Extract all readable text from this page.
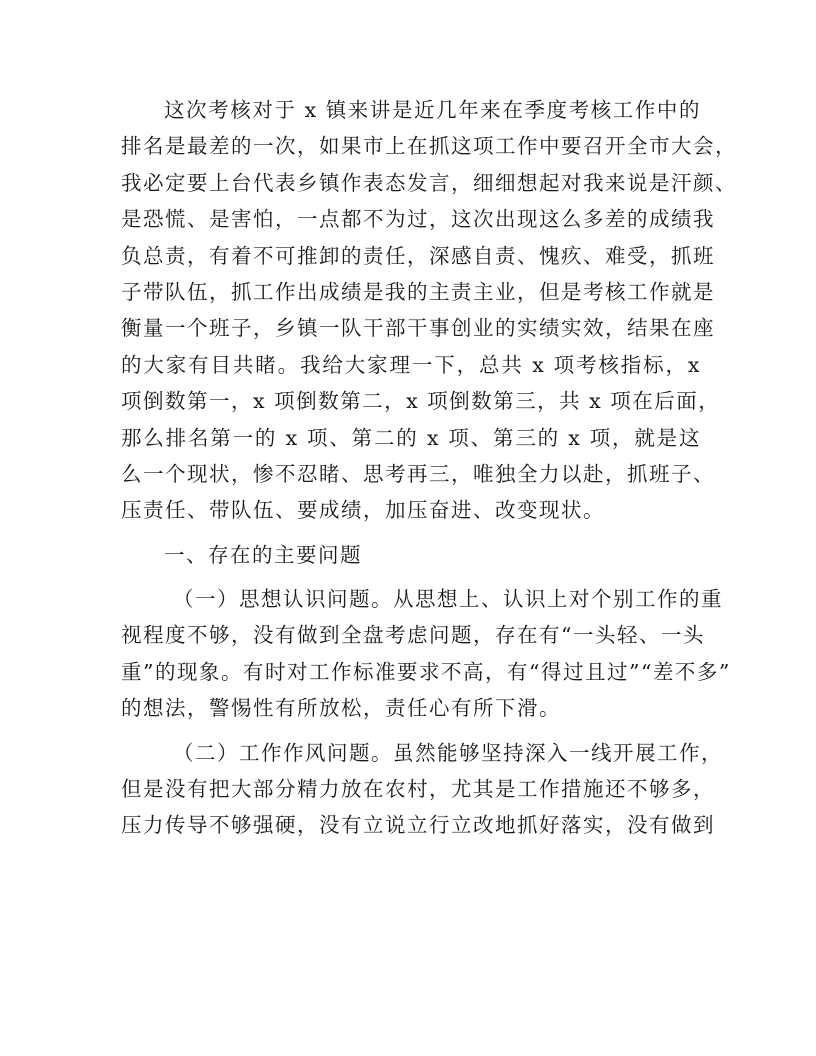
这次考核对于 x 镇来讲是近几年来在季度考核工作中的
排名是最差的一次，如果市上在抓这项工作中要召开全市大会，
我必定要上台代表乡镇作表态发言，细细想起对我来说是汗颜、
是恐慌、是害怕，一点都不为过，这次出现这么多差的成绩我
负总责，有着不可推卸的责任，深感自责、愧疚、难受，抓班
子带队伍，抓工作出成绩是我的主责主业，但是考核工作就是
衡量一个班子，乡镇一队干部干事创业的实绩实效，结果在座
的大家有目共睹。我给大家理一下，总共 x 项考核指标，x
项倒数第一，x 项倒数第二，x 项倒数第三，共 x 项在后面，
那么排名第一的 x 项、第二的 x 项、第三的 x 项，就是这
么一个现状，惨不忍睹、思考再三，唯独全力以赴，抓班子、
压责任、带队伍、要成绩，加压奋进、改变现状。
一、存在的主要问题
（一）思想认识问题。从思想上、认识上对个别工作的重
视程度不够，没有做到全盘考虑问题，存在有“一头轻、一头
重”的现象。有时对工作标准要求不高，有“得过且过”“差不多”
的想法，警惕性有所放松，责任心有所下滑。
（二）工作作风问题。虽然能够坚持深入一线开展工作，
但是没有把大部分精力放在农村，尤其是工作措施还不够多，
压力传导不够强硬，没有立说立行立改地抓好落实，没有做到
